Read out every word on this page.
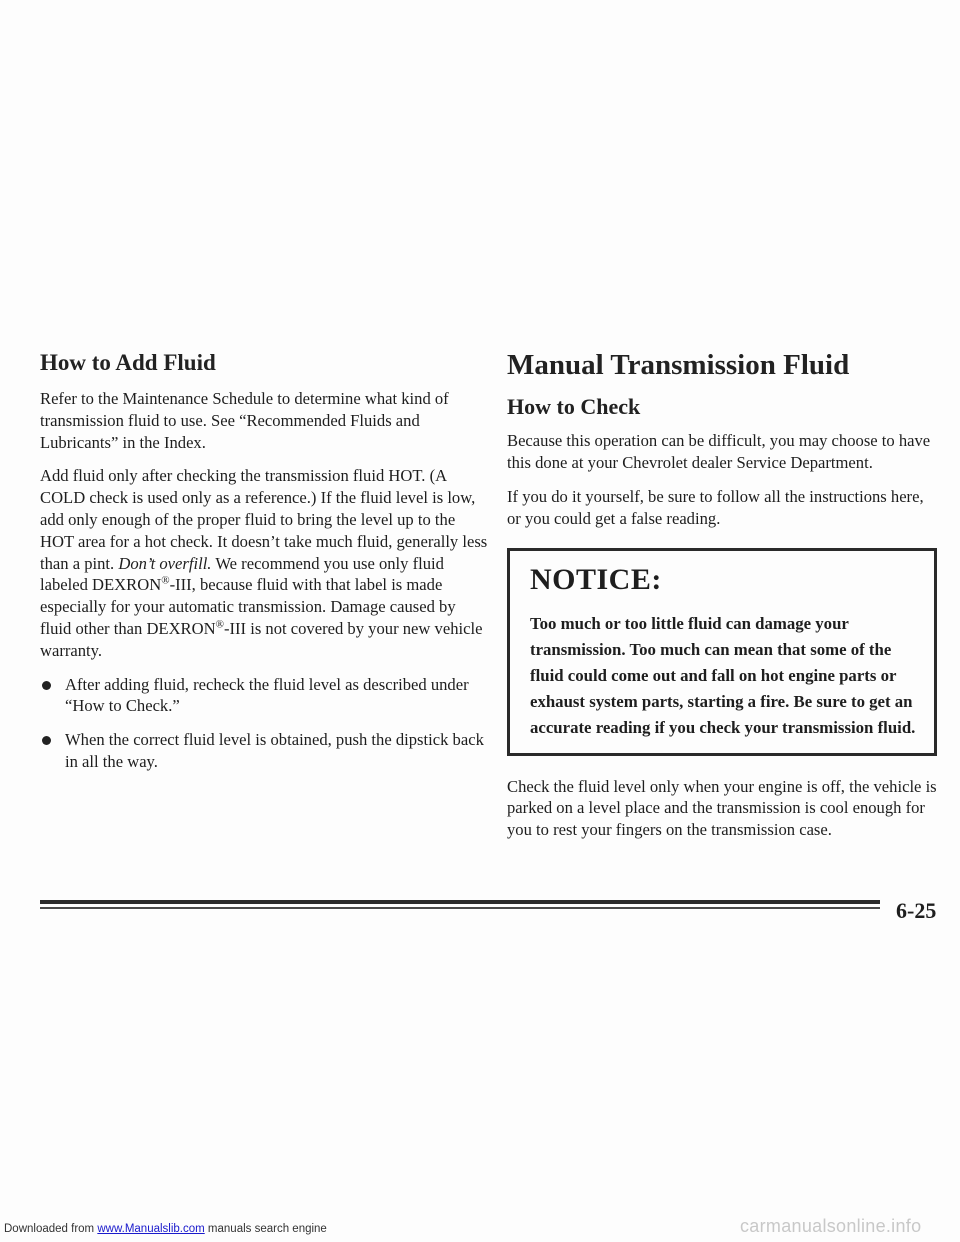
How to Add Fluid

Refer to the Maintenance Schedule to determine what kind of transmission fluid to use. See “Recommended Fluids and Lubricants” in the Index.

Add fluid only after checking the transmission fluid HOT. (A COLD check is used only as a reference.) If the fluid level is low, add only enough of the proper fluid to bring the level up to the HOT area for a hot check. It doesn’t take much fluid, generally less than a pint. Don’t overfill. We recommend you use only fluid labeled DEXRON®-III, because fluid with that label is made especially for your automatic transmission. Damage caused by fluid other than DEXRON®-III is not covered by your new vehicle warranty.

After adding fluid, recheck the fluid level as described under “How to Check.”
When the correct fluid level is obtained, push the dipstick back in all the way.
Manual Transmission Fluid
How to Check

Because this operation can be difficult, you may choose to have this done at your Chevrolet dealer Service Department.

If you do it yourself, be sure to follow all the instructions here, or you could get a false reading.

NOTICE:

Too much or too little fluid can damage your transmission. Too much can mean that some of the fluid could come out and fall on hot engine parts or exhaust system parts, starting a fire. Be sure to get an accurate reading if you check your transmission fluid.

Check the fluid level only when your engine is off, the vehicle is parked on a level place and the transmission is cool enough for you to rest your fingers on the transmission case.

6-25
Downloaded from www.Manualslib.com manuals search engine	carmanualsonline.info
